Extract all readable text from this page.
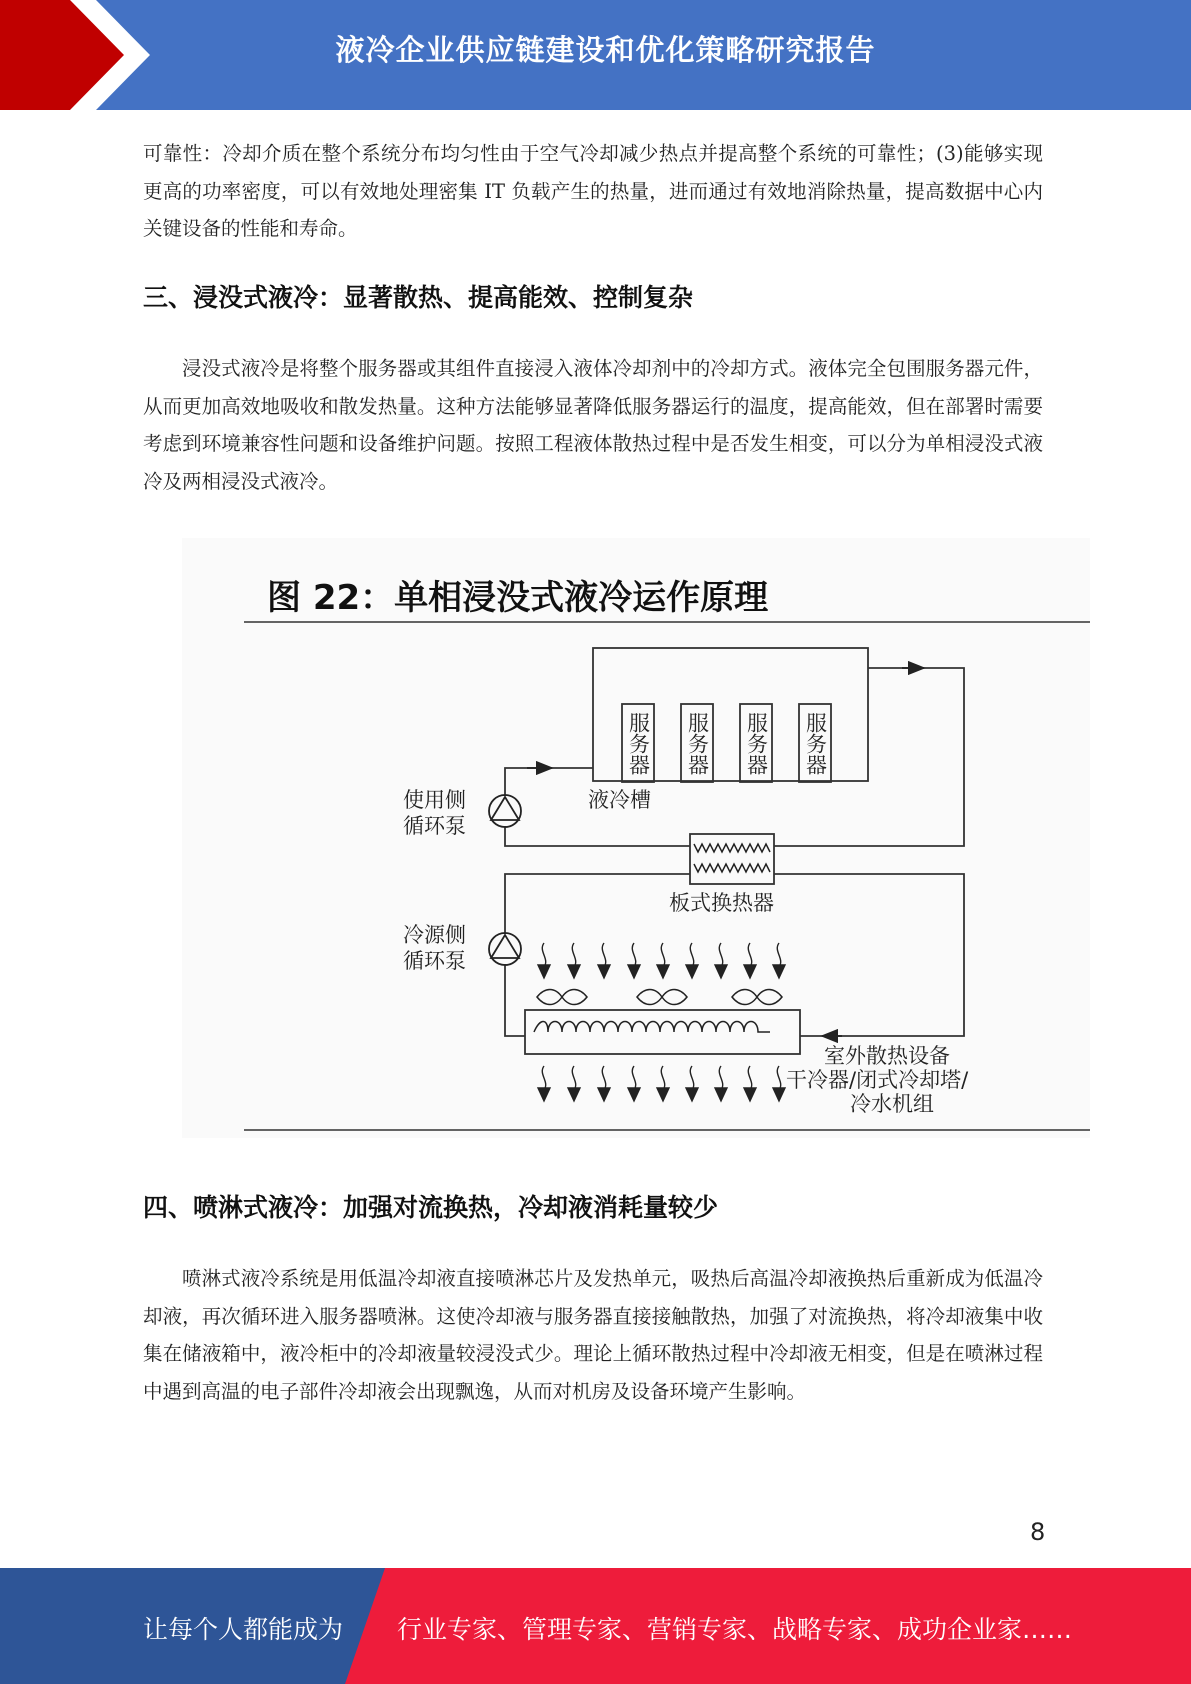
液冷企业供应链建设和优化策略研究报告

可靠性：冷却介质在整个系统分布均匀性由于空气冷却减少热点并提高整个系统的可靠性；(3)能够实现更高的功率密度，可以有效地处理密集 IT 负载产生的热量，进而通过有效地消除热量，提高数据中心内关键设备的性能和寿命。

三、浸没式液冷：显著散热、提高能效、控制复杂

浸没式液冷是将整个服务器或其组件直接浸入液体冷却剂中的冷却方式。液体完全包围服务器元件，从而更加高效地吸收和散发热量。这种方法能够显著降低服务器运行的温度，提高能效，但在部署时需要考虑到环境兼容性问题和设备维护问题。按照工程液体散热过程中是否发生相变，可以分为单相浸没式液冷及两相浸没式液冷。

图 22：单相浸没式液冷运作原理
服务器 服务器 服务器 服务器
液冷槽
使用侧
循环泵
冷源侧
循环泵
板式换热器
室外散热设备
干冷器/闭式冷却塔/
冷水机组
四、喷淋式液冷：加强对流换热，冷却液消耗量较少

喷淋式液冷系统是用低温冷却液直接喷淋芯片及发热单元，吸热后高温冷却液换热后重新成为低温冷却液，再次循环进入服务器喷淋。这使冷却液与服务器直接接触散热，加强了对流换热，将冷却液集中收集在储液箱中，液冷柜中的冷却液量较浸没式少。理论上循环散热过程中冷却液无相变，但是在喷淋过程中遇到高温的电子部件冷却液会出现飘逸，从而对机房及设备环境产生影响。

8
让每个人都能成为 行业专家、管理专家、营销专家、战略专家、成功企业家……
